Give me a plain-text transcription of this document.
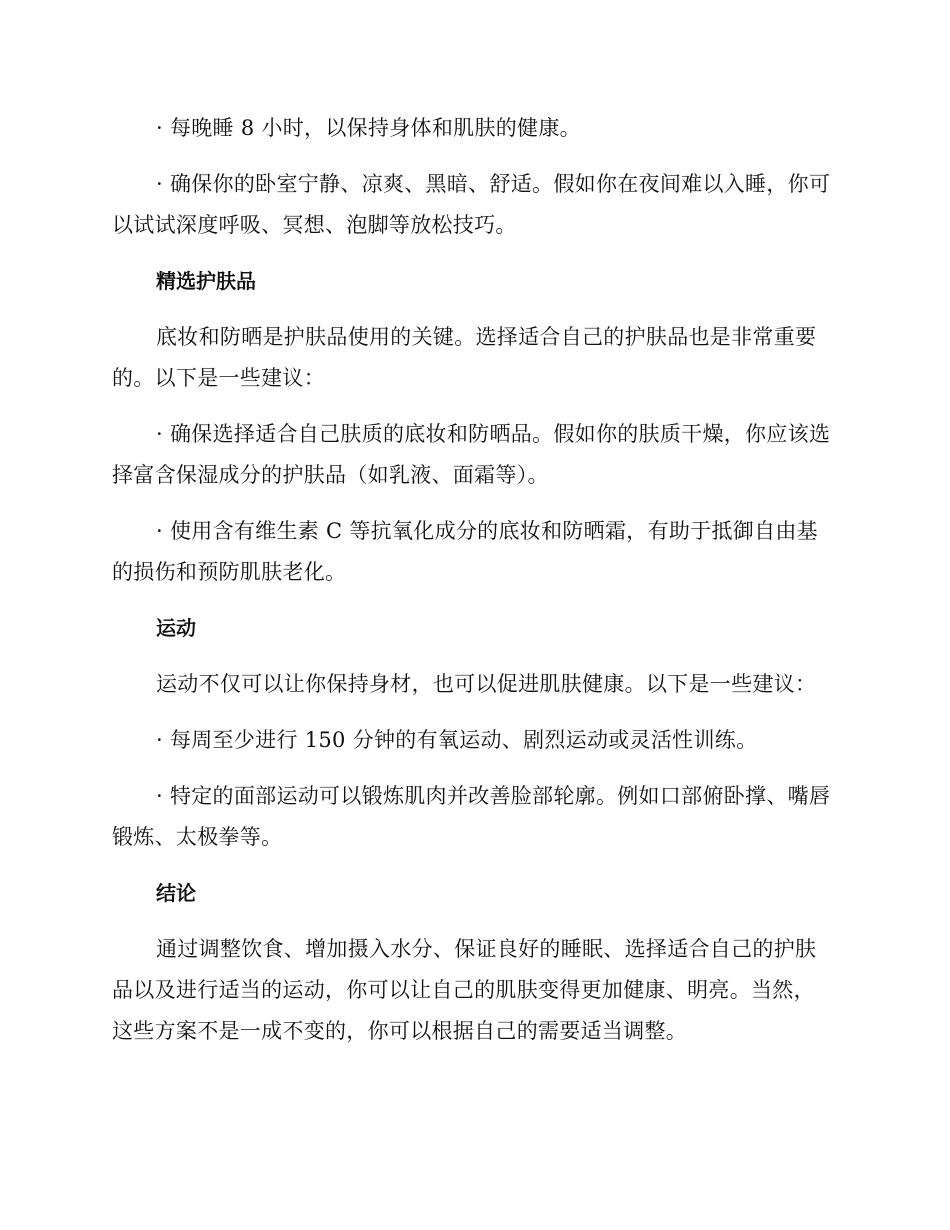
· 每晚睡 8 小时，以保持身体和肌肤的健康。

· 确保你的卧室宁静、凉爽、黑暗、舒适。假如你在夜间难以入睡，你可以试试深度呼吸、冥想、泡脚等放松技巧。

精选护肤品

底妆和防晒是护肤品使用的关键。选择适合自己的护肤品也是非常重要的。以下是一些建议：

· 确保选择适合自己肤质的底妆和防晒品。假如你的肤质干燥，你应该选择富含保湿成分的护肤品（如乳液、面霜等）。

· 使用含有维生素 C 等抗氧化成分的底妆和防晒霜，有助于抵御自由基的损伤和预防肌肤老化。

运动

运动不仅可以让你保持身材，也可以促进肌肤健康。以下是一些建议：

· 每周至少进行 150 分钟的有氧运动、剧烈运动或灵活性训练。

· 特定的面部运动可以锻炼肌肉并改善脸部轮廓。例如口部俯卧撑、嘴唇锻炼、太极拳等。

结论

通过调整饮食、增加摄入水分、保证良好的睡眠、选择适合自己的护肤品以及进行适当的运动，你可以让自己的肌肤变得更加健康、明亮。当然，这些方案不是一成不变的，你可以根据自己的需要适当调整。
